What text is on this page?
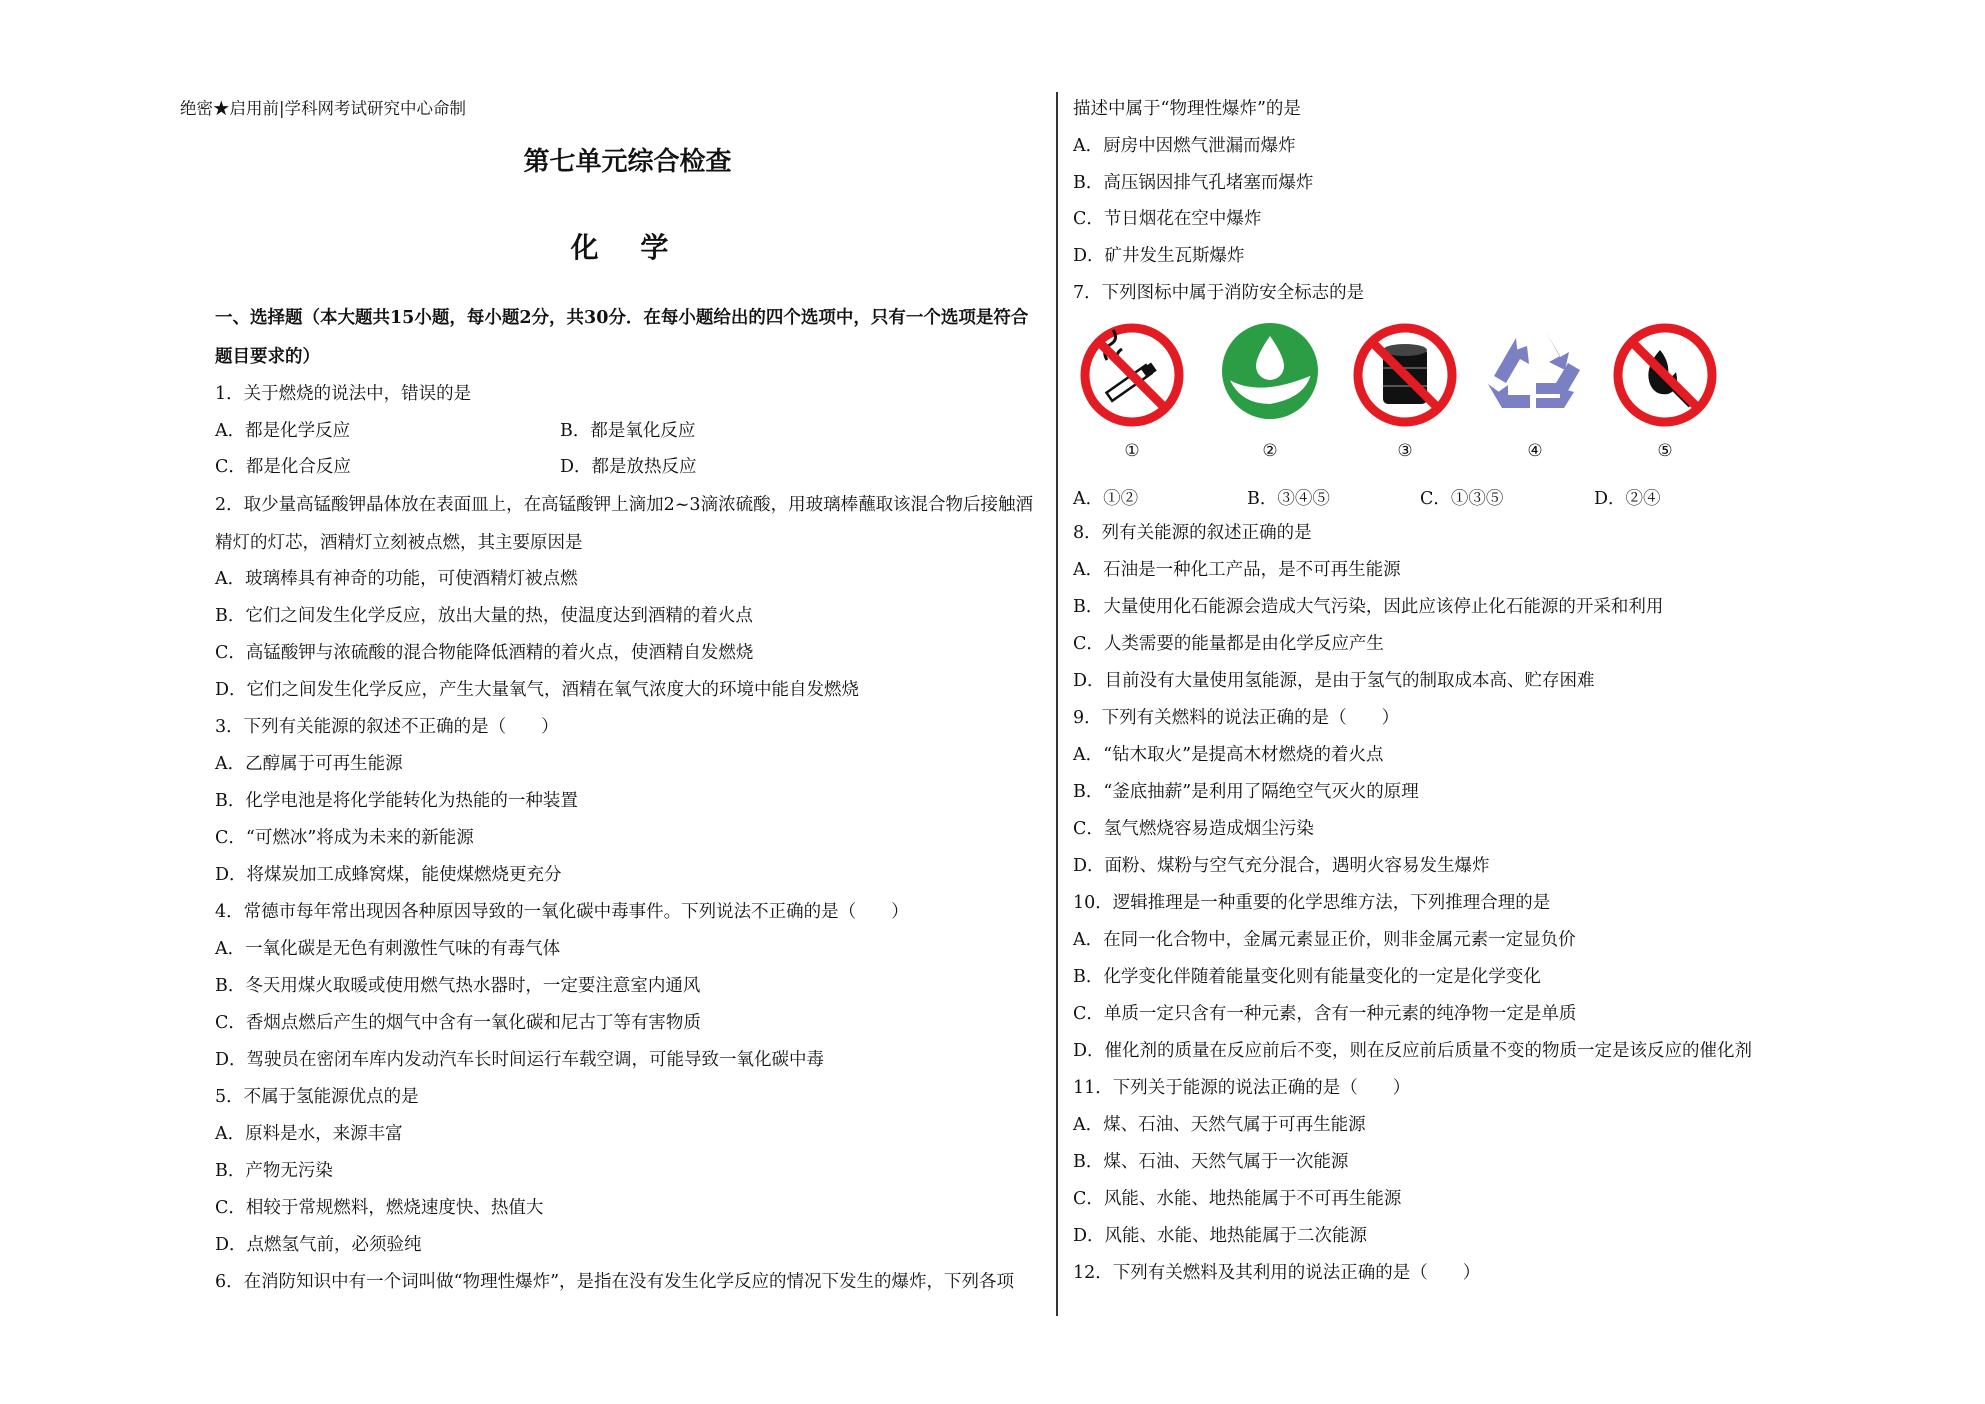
绝密★启用前|学科网考试研究中心命制
第七单元综合检查
化 学
一、选择题（本大题共15小题，每小题2分，共30分．在每小题给出的四个选项中，只有一个选项是符合
题目要求的）
1．关于燃烧的说法中，错误的是
A．都是化学反应	B．都是氧化反应
C．都是化合反应	D．都是放热反应
2．取少量高锰酸钾晶体放在表面皿上，在高锰酸钾上滴加2~3滴浓硫酸，用玻璃棒蘸取该混合物后接触酒
精灯的灯芯，酒精灯立刻被点燃，其主要原因是
A．玻璃棒具有神奇的功能，可使酒精灯被点燃
B．它们之间发生化学反应，放出大量的热，使温度达到酒精的着火点
C．高锰酸钾与浓硫酸的混合物能降低酒精的着火点，使酒精自发燃烧
D．它们之间发生化学反应，产生大量氧气，酒精在氧气浓度大的环境中能自发燃烧
3．下列有关能源的叙述不正确的是（　　）
A．乙醇属于可再生能源
B．化学电池是将化学能转化为热能的一种装置
C．“可燃冰”将成为未来的新能源
D．将煤炭加工成蜂窝煤，能使煤燃烧更充分
4．常德市每年常出现因各种原因导致的一氧化碳中毒事件。下列说法不正确的是（　　）
A．一氧化碳是无色有刺激性气味的有毒气体
B．冬天用煤火取暖或使用燃气热水器时，一定要注意室内通风
C．香烟点燃后产生的烟气中含有一氧化碳和尼古丁等有害物质
D．驾驶员在密闭车库内发动汽车长时间运行车载空调，可能导致一氧化碳中毒
5．不属于氢能源优点的是
A．原料是水，来源丰富
B．产物无污染
C．相较于常规燃料，燃烧速度快、热值大
D．点燃氢气前，必须验纯
6．在消防知识中有一个词叫做“物理性爆炸”，是指在没有发生化学反应的情况下发生的爆炸，下列各项
描述中属于“物理性爆炸”的是
A．厨房中因燃气泄漏而爆炸
B．高压锅因排气孔堵塞而爆炸
C．节日烟花在空中爆炸
D．矿井发生瓦斯爆炸
7．下列图标中属于消防安全标志的是
①	②	③	④	⑤
A．①②	B．③④⑤	C．①③⑤	D．②④
8．列有关能源的叙述正确的是
A．石油是一种化工产品，是不可再生能源
B．大量使用化石能源会造成大气污染，因此应该停止化石能源的开采和利用
C．人类需要的能量都是由化学反应产生
D．目前没有大量使用氢能源，是由于氢气的制取成本高、贮存困难
9．下列有关燃料的说法正确的是（　　）
A．“钻木取火”是提高木材燃烧的着火点
B．“釜底抽薪”是利用了隔绝空气灭火的原理
C．氢气燃烧容易造成烟尘污染
D．面粉、煤粉与空气充分混合，遇明火容易发生爆炸
10．逻辑推理是一种重要的化学思维方法，下列推理合理的是
A．在同一化合物中，金属元素显正价，则非金属元素一定显负价
B．化学变化伴随着能量变化则有能量变化的一定是化学变化
C．单质一定只含有一种元素，含有一种元素的纯净物一定是单质
D．催化剂的质量在反应前后不变，则在反应前后质量不变的物质一定是该反应的催化剂
11．下列关于能源的说法正确的是（　　）
A．煤、石油、天然气属于可再生能源
B．煤、石油、天然气属于一次能源
C．风能、水能、地热能属于不可再生能源
D．风能、水能、地热能属于二次能源
12．下列有关燃料及其利用的说法正确的是（　　）
